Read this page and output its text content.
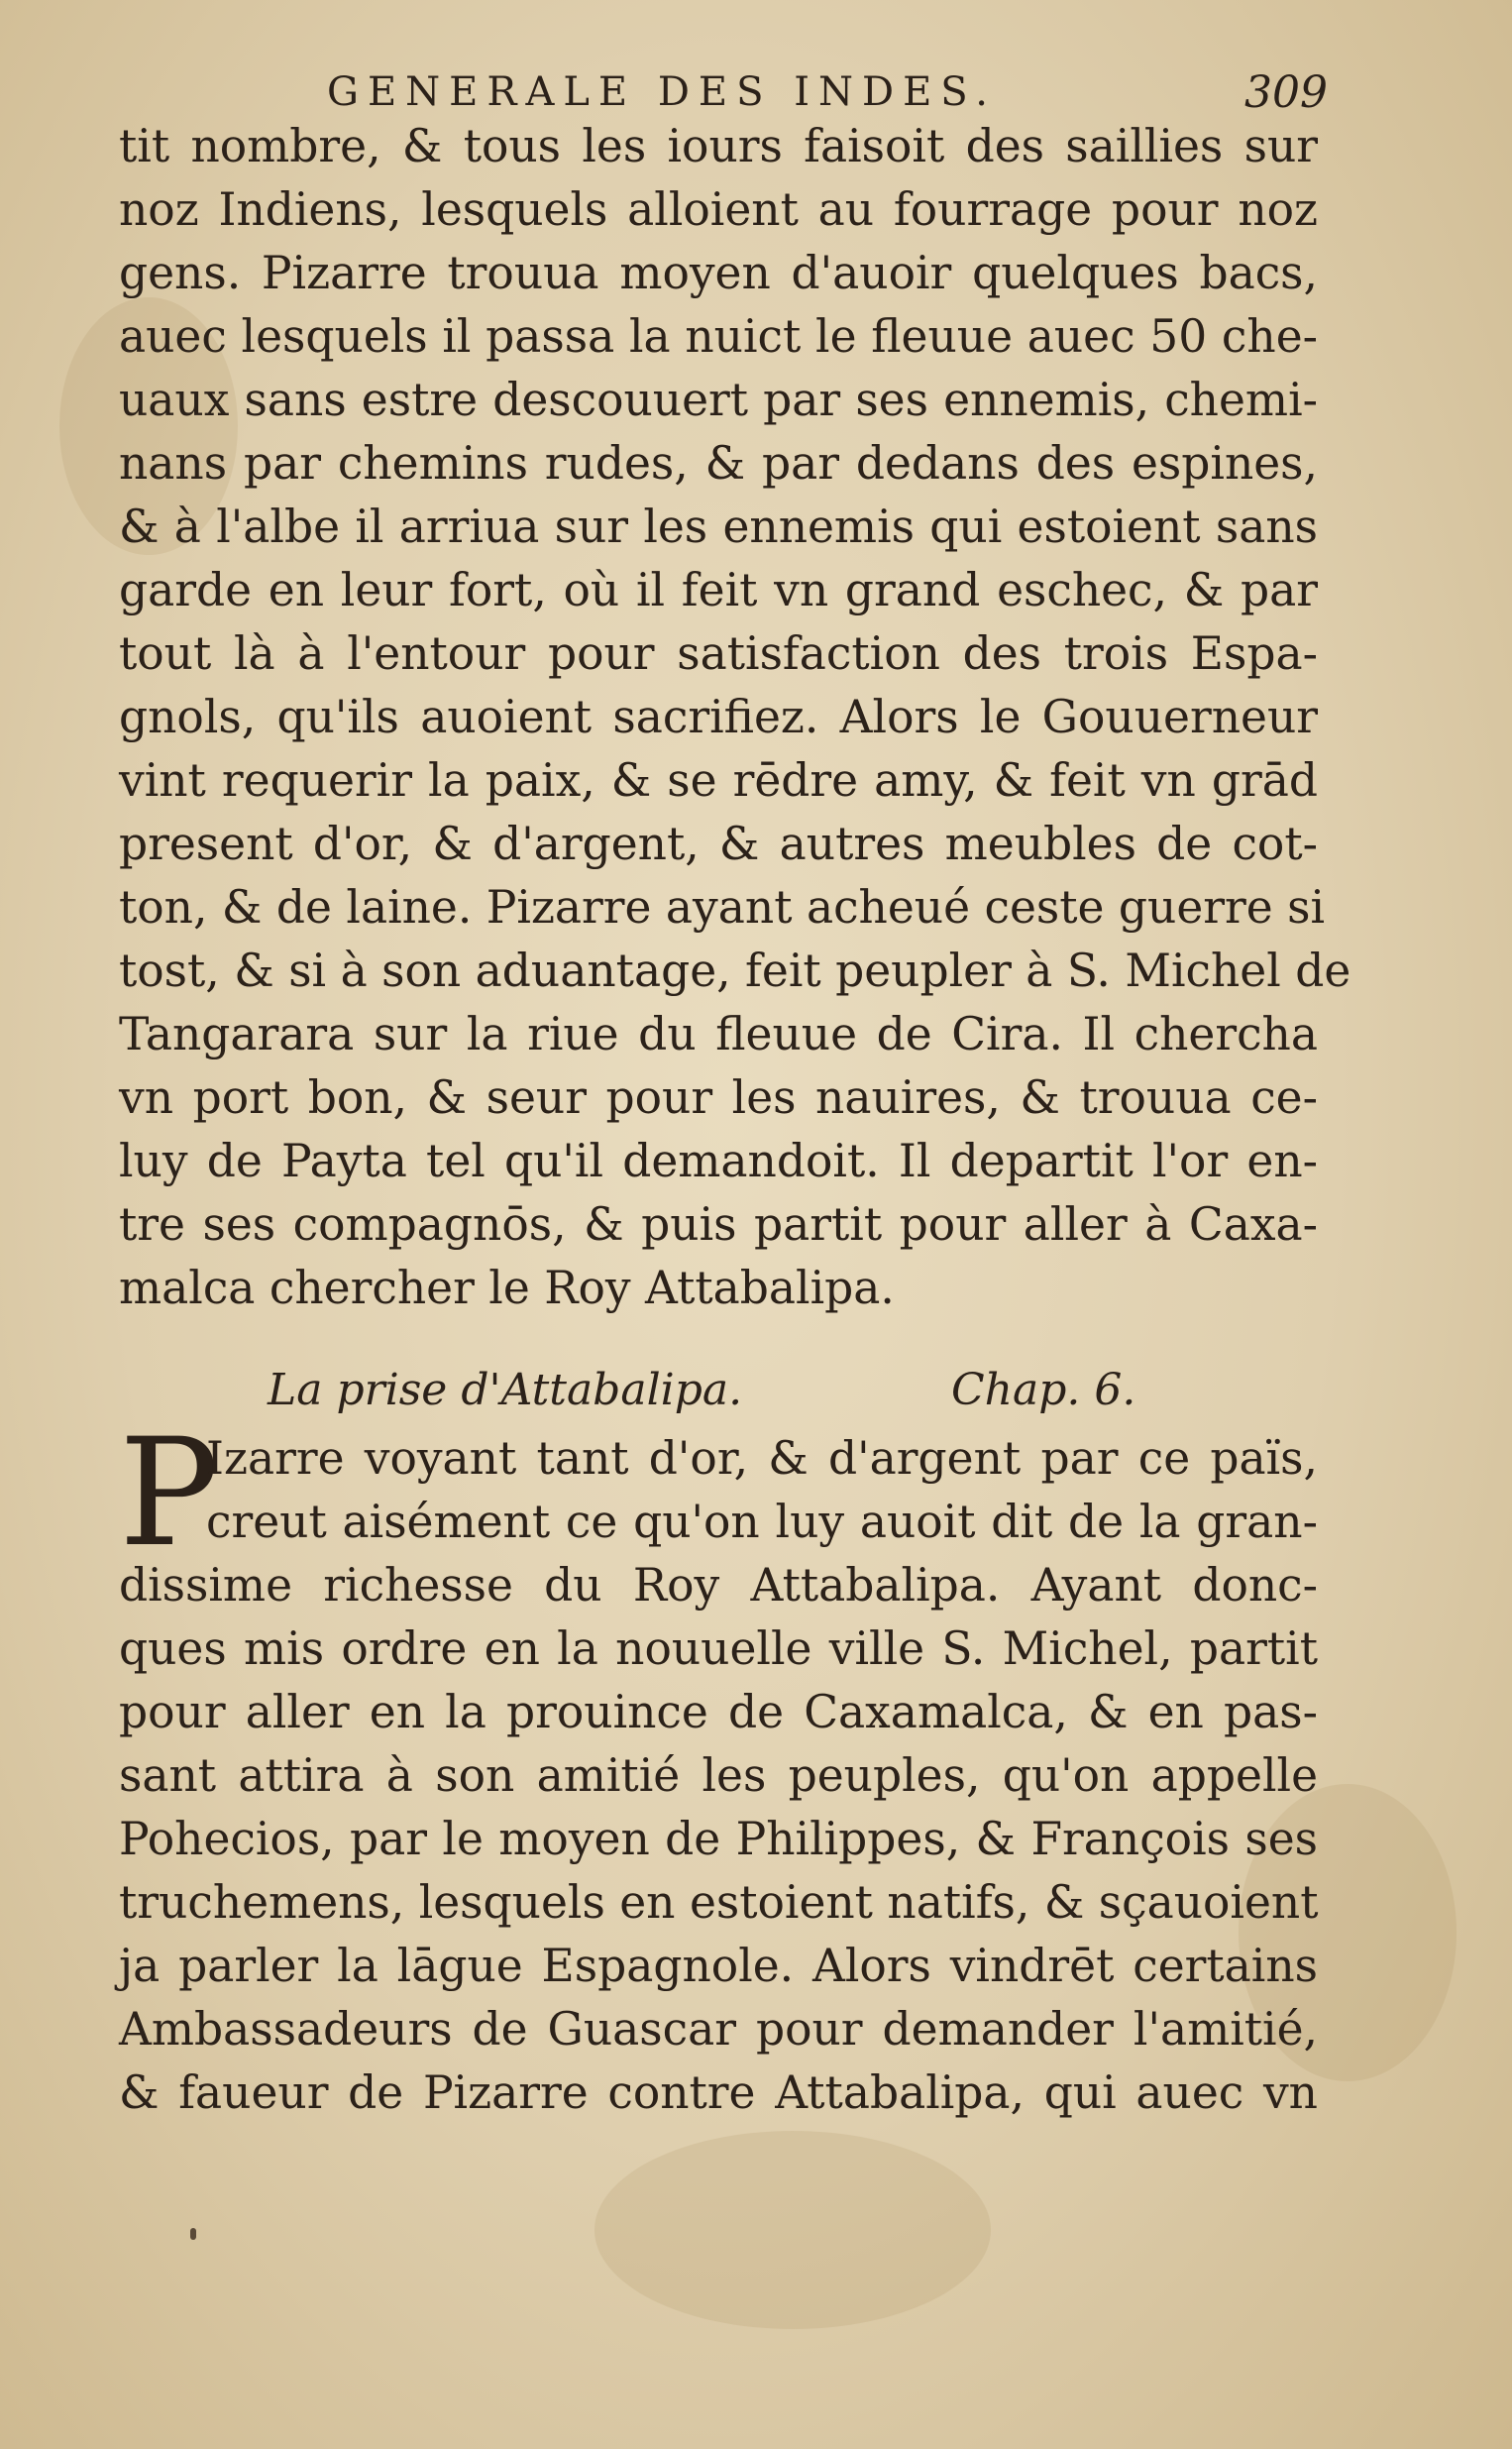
GENERALE DES INDES.	309
tit nombre, & tous les iours faisoit des saillies sur
noz Indiens, lesquels alloient au fourrage pour noz
gens. Pizarre trouua moyen d'auoir quelques bacs,
auec lesquels il passa la nuict le fleuue auec 50 che-
uaux sans estre descouuert par ses ennemis, chemi-
nans par chemins rudes, & par dedans des espines,
& à l'albe il arriua sur les ennemis qui estoient sans
garde en leur fort, où il feit vn grand eschec, & par
tout là à l'entour pour satisfaction des trois Espa-
gnols, qu'ils auoient sacrifiez. Alors le Gouuerneur
vint requerir la paix, & se rēdre amy, & feit vn grād
present d'or, & d'argent, & autres meubles de cot-
ton, & de laine. Pizarre ayant acheué ceste guerre si
tost, & si à son aduantage, feit peupler à S. Michel de
Tangarara sur la riue du fleuue de Cira. Il chercha
vn port bon, & seur pour les nauires, & trouua ce-
luy de Payta tel qu'il demandoit. Il departit l'or en-
tre ses compagnōs, & puis partit pour aller à Caxa-
malca chercher le Roy Attabalipa.
La prise d'Attabalipa.	Chap. 6.
P
Izarre voyant tant d'or, & d'argent par ce païs,
creut aisément ce qu'on luy auoit dit de la gran-
dissime richesse du Roy Attabalipa. Ayant donc-
ques mis ordre en la nouuelle ville S. Michel, partit
pour aller en la prouince de Caxamalca, & en pas-
sant attira à son amitié les peuples, qu'on appelle
Pohecios, par le moyen de Philippes, & François ses
truchemens, lesquels en estoient natifs, & sçauoient
ja parler la lāgue Espagnole. Alors vindrēt certains
Ambassadeurs de Guascar pour demander l'amitié,
& faueur de Pizarre contre Attabalipa, qui auec vn
